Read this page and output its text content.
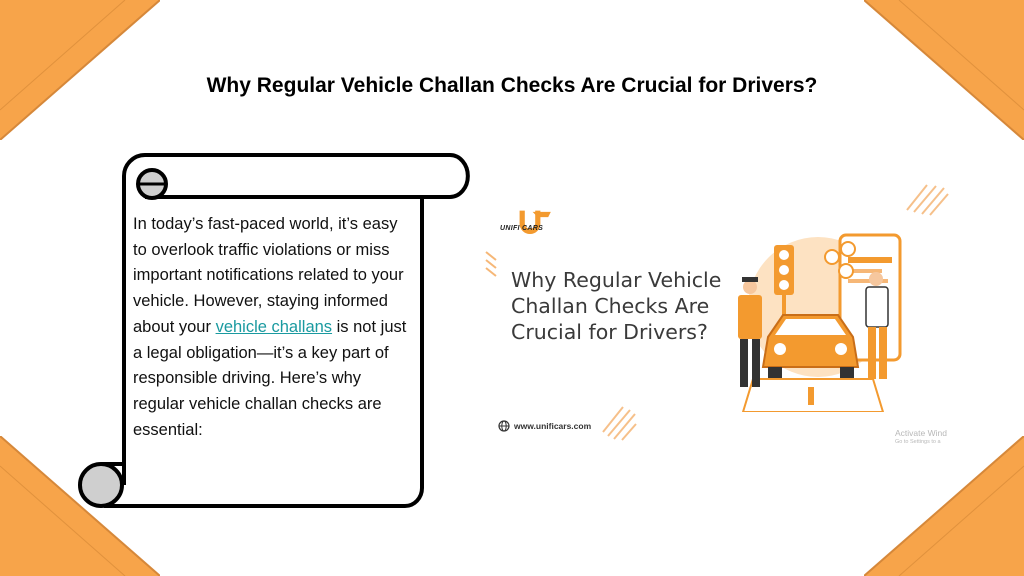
Why Regular Vehicle Challan Checks Are Crucial for Drivers?
In today’s fast-paced world, it’s easy to overlook traffic violations or miss important notifications related to your vehicle. However, staying informed about your vehicle challans is not just a legal obligation—it’s a key part of responsible driving. Here’s why regular vehicle challan checks are essential:
UNIFI CARS
Why Regular Vehicle Challan Checks Are Crucial for Drivers?
www.unificars.com
Activate Wind
Go to Settings to a
